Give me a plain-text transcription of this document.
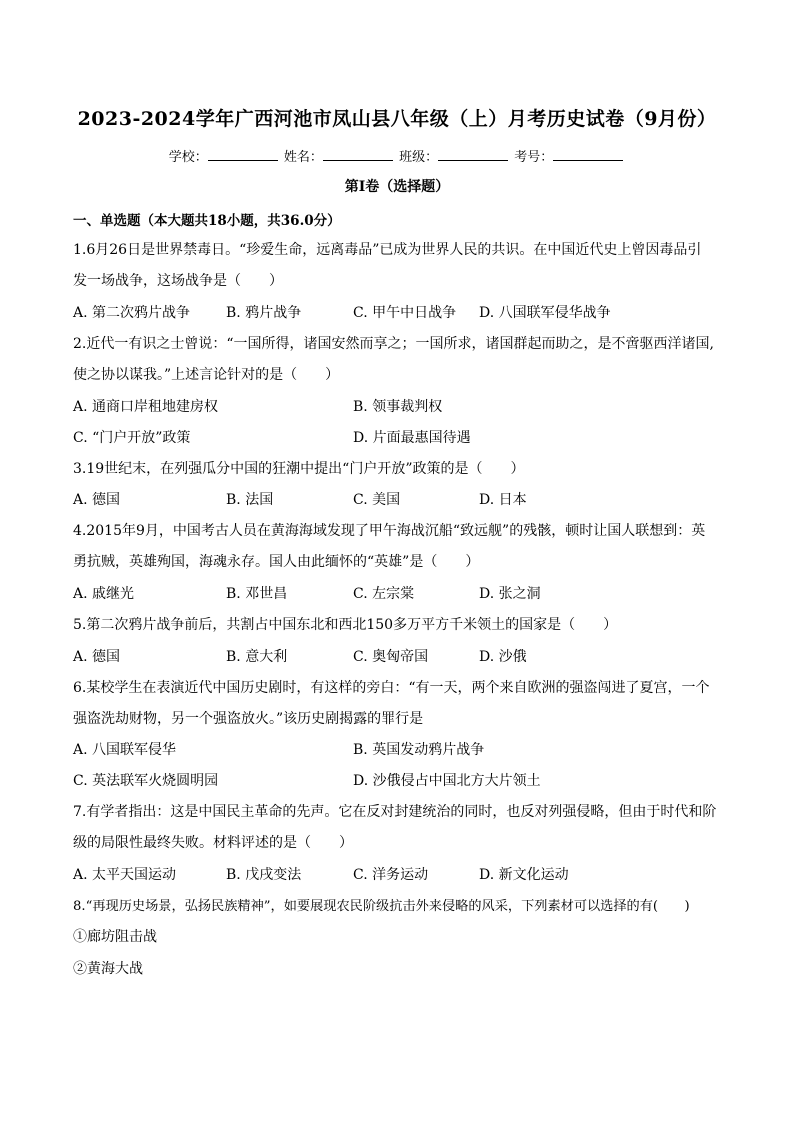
2023-2024学年广西河池市凤山县八年级（上）月考历史试卷（9月份）
学校：	姓名：	班级：	考号：
第Ⅰ卷（选择题）
一、单选题（本大题共18小题，共36.0分）
1.6月26日是世界禁毒日。“珍爱生命，远离毒品”已成为世界人民的共识。在中国近代史上曾因毒品引
发一场战争，这场战争是（　　）
A. 第二次鸦片战争	B. 鸦片战争	C. 甲午中日战争 D. 八国联军侵华战争
2.近代一有识之士曾说：“一国所得，诸国安然而享之；一国所求，诸国群起而助之，是不啻驱西洋诸国,
使之协以谋我。”上述言论针对的是（　　）
A. 通商口岸租地建房权	B. 领事裁判权
C. “门户开放”政策	D. 片面最惠国待遇
3.19世纪末，在列强瓜分中国的狂潮中提出“门户开放”政策的是（　　）
A. 德国	B. 法国	C. 美国	D. 日本
4.2015年9月，中国考古人员在黄海海域发现了甲午海战沉船“致远舰”的残骸，顿时让国人联想到：英
勇抗贼，英雄殉国，海魂永存。国人由此缅怀的“英雄”是（　　）
A. 戚继光	B. 邓世昌	C. 左宗棠	D. 张之洞
5.第二次鸦片战争前后，共割占中国东北和西北150多万平方千米领土的国家是（　　）
A. 德国	B. 意大利	C. 奥匈帝国	D. 沙俄
6.某校学生在表演近代中国历史剧时，有这样的旁白：“有一天，两个来自欧洲的强盗闯进了夏宫，一个
强盗洗劫财物，另一个强盗放火。”该历史剧揭露的罪行是
A. 八国联军侵华	B. 英国发动鸦片战争
C. 英法联军火烧圆明园	D. 沙俄侵占中国北方大片领土
7.有学者指出：这是中国民主革命的先声。它在反对封建统治的同时，也反对列强侵略，但由于时代和阶
级的局限性最终失败。材料评述的是（　　）
A. 太平天国运动	B. 戊戌变法	C. 洋务运动	D. 新文化运动
8.“再现历史场景，弘扬民族精神”，如要展现农民阶级抗击外来侵略的风采，下列素材可以选择的有(　　)
①廊坊阻击战
②黄海大战
